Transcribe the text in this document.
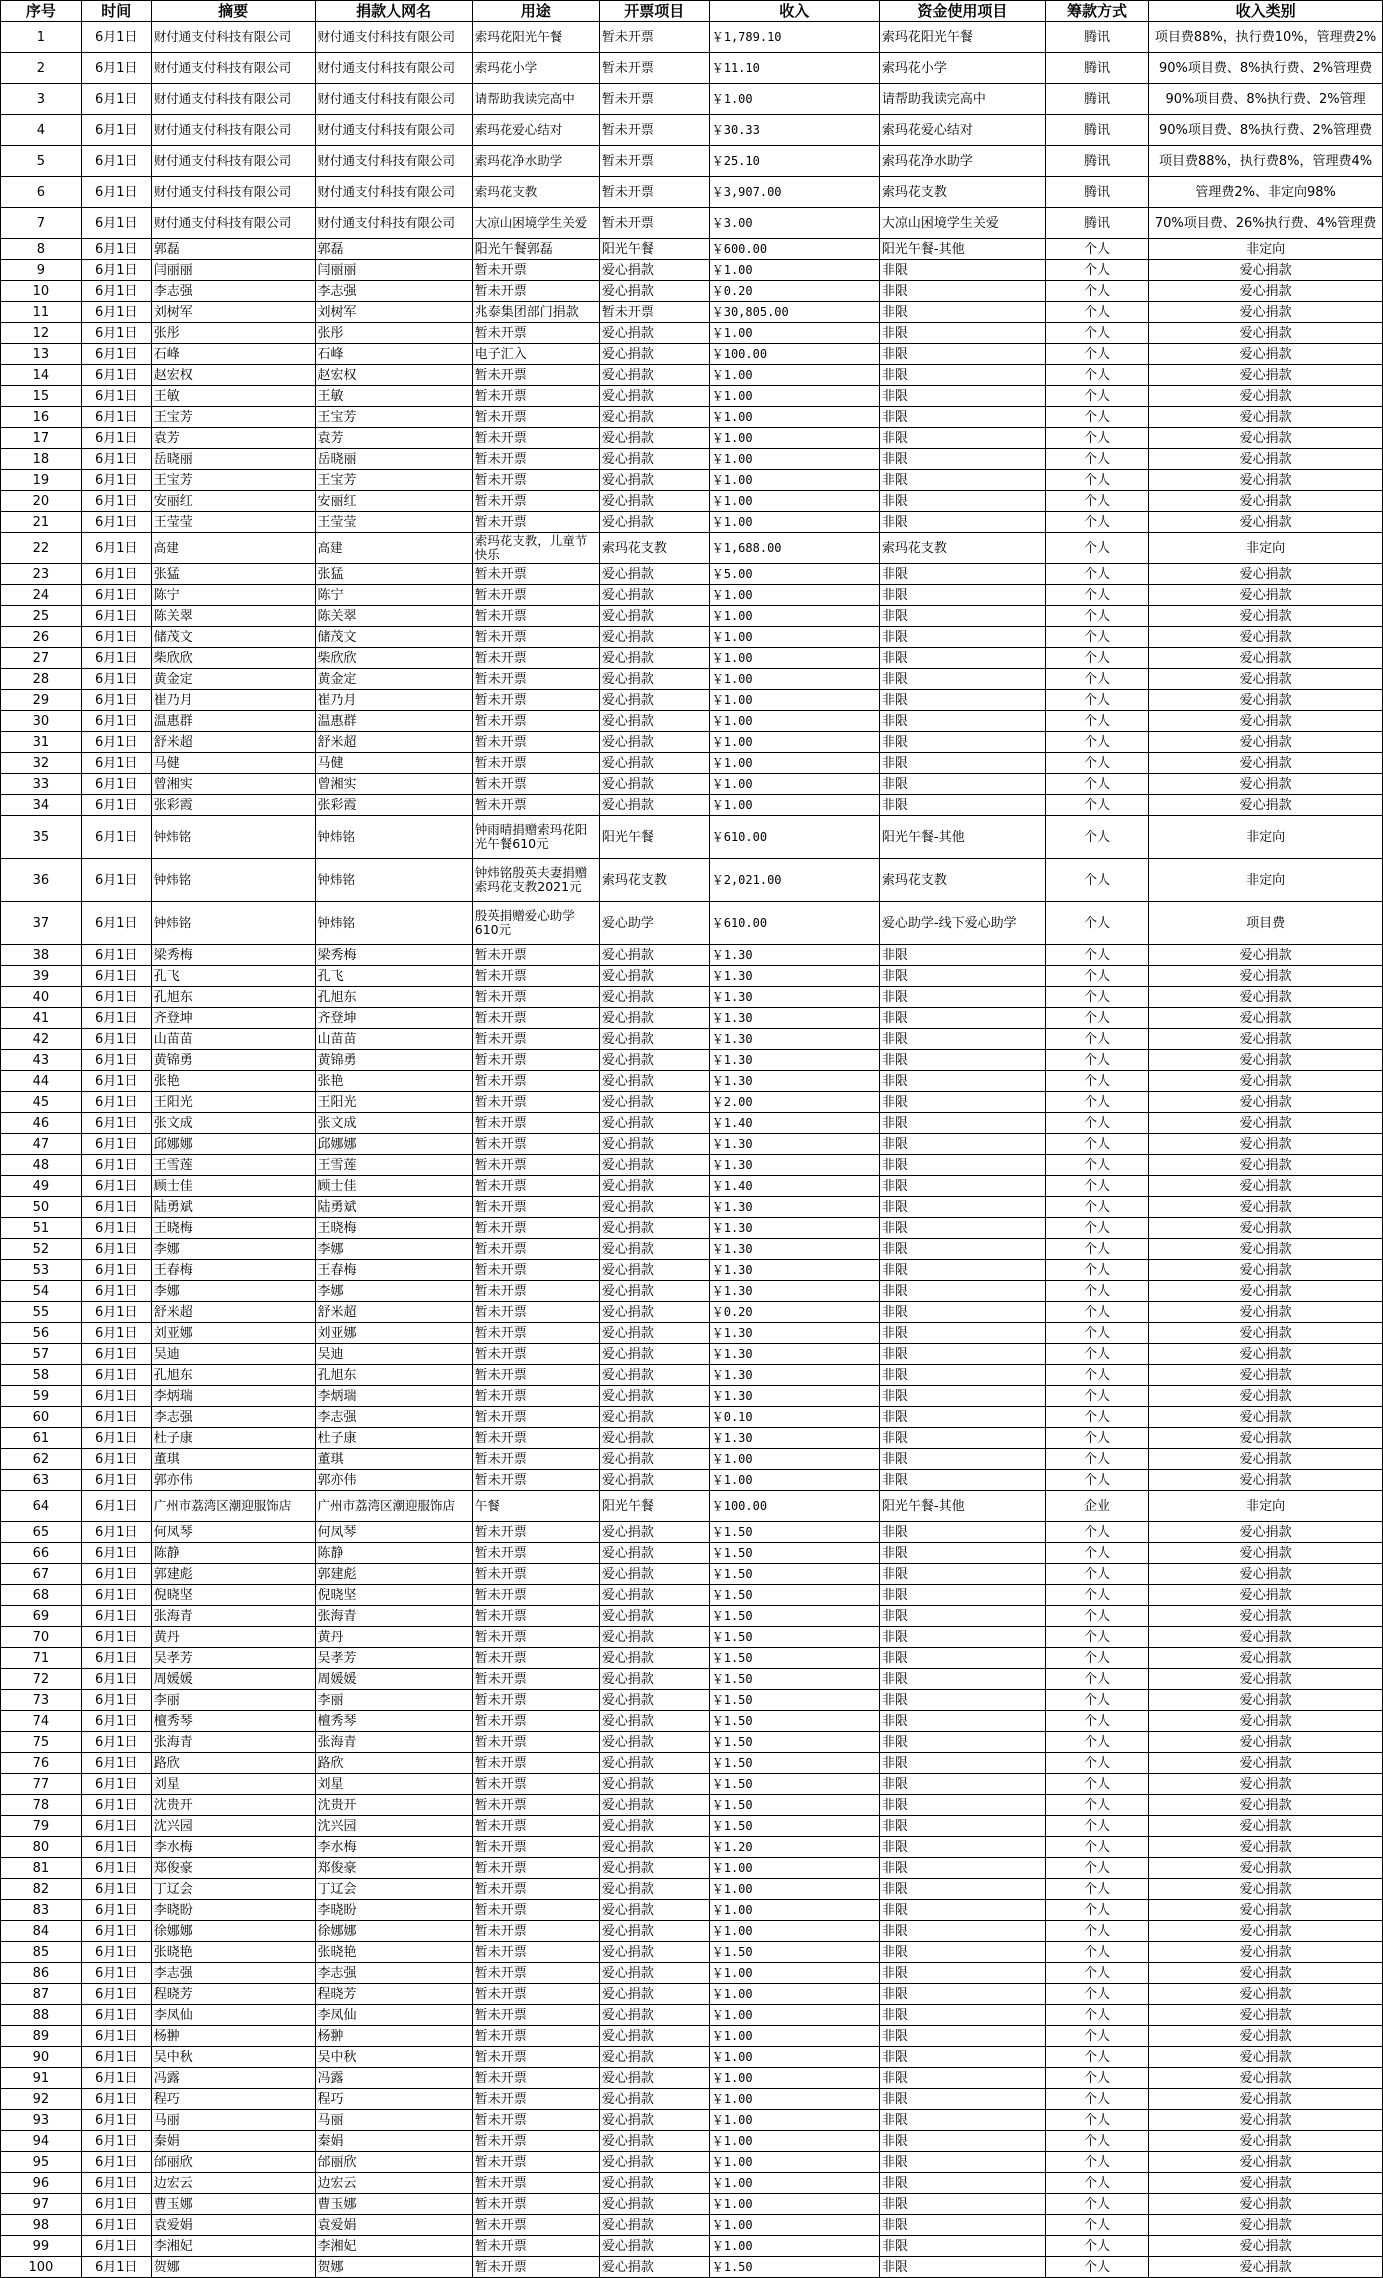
序号	时间	摘要	捐款人网名	用途	开票项目	收入	资金使用项目	筹款方式	收入类别
1	6月1日	财付通支付科技有限公司	财付通支付科技有限公司	索玛花阳光午餐	暂未开票	￥1,789.10	索玛花阳光午餐	腾讯	项目费88%，执行费10%，管理费2%
2	6月1日	财付通支付科技有限公司	财付通支付科技有限公司	索玛花小学	暂未开票	￥11.10	索玛花小学	腾讯	90%项目费、8%执行费、2%管理费
3	6月1日	财付通支付科技有限公司	财付通支付科技有限公司	请帮助我读完高中	暂未开票	￥1.00	请帮助我读完高中	腾讯	90%项目费、8%执行费、2%管理
4	6月1日	财付通支付科技有限公司	财付通支付科技有限公司	索玛花爱心结对	暂未开票	￥30.33	索玛花爱心结对	腾讯	90%项目费、8%执行费、2%管理费
5	6月1日	财付通支付科技有限公司	财付通支付科技有限公司	索玛花净水助学	暂未开票	￥25.10	索玛花净水助学	腾讯	项目费88%，执行费8%，管理费4%
6	6月1日	财付通支付科技有限公司	财付通支付科技有限公司	索玛花支教	暂未开票	￥3,907.00	索玛花支教	腾讯	管理费2%、非定向98%
7	6月1日	财付通支付科技有限公司	财付通支付科技有限公司	大凉山困境学生关爱	暂未开票	￥3.00	大凉山困境学生关爱	腾讯	70%项目费、26%执行费、4%管理费
8	6月1日	郭磊	郭磊	阳光午餐郭磊	阳光午餐	￥600.00	阳光午餐-其他	个人	非定向
9	6月1日	闫丽丽	闫丽丽	暂未开票	爱心捐款	￥1.00	非限	个人	爱心捐款
10	6月1日	李志强	李志强	暂未开票	爱心捐款	￥0.20	非限	个人	爱心捐款
11	6月1日	刘树军	刘树军	兆泰集团部门捐款	暂未开票	￥30,805.00	非限	个人	爱心捐款
12	6月1日	张彤	张彤	暂未开票	爱心捐款	￥1.00	非限	个人	爱心捐款
13	6月1日	石峰	石峰	电子汇入	爱心捐款	￥100.00	非限	个人	爱心捐款
14	6月1日	赵宏权	赵宏权	暂未开票	爱心捐款	￥1.00	非限	个人	爱心捐款
15	6月1日	王敏	王敏	暂未开票	爱心捐款	￥1.00	非限	个人	爱心捐款
16	6月1日	王宝芳	王宝芳	暂未开票	爱心捐款	￥1.00	非限	个人	爱心捐款
17	6月1日	袁芳	袁芳	暂未开票	爱心捐款	￥1.00	非限	个人	爱心捐款
18	6月1日	岳晓丽	岳晓丽	暂未开票	爱心捐款	￥1.00	非限	个人	爱心捐款
19	6月1日	王宝芳	王宝芳	暂未开票	爱心捐款	￥1.00	非限	个人	爱心捐款
20	6月1日	安丽红	安丽红	暂未开票	爱心捐款	￥1.00	非限	个人	爱心捐款
21	6月1日	王莹莹	王莹莹	暂未开票	爱心捐款	￥1.00	非限	个人	爱心捐款
22	6月1日	高建	高建	索玛花支教，儿童节快乐	索玛花支教	￥1,688.00	索玛花支教	个人	非定向
23	6月1日	张猛	张猛	暂未开票	爱心捐款	￥5.00	非限	个人	爱心捐款
24	6月1日	陈宁	陈宁	暂未开票	爱心捐款	￥1.00	非限	个人	爱心捐款
25	6月1日	陈关翠	陈关翠	暂未开票	爱心捐款	￥1.00	非限	个人	爱心捐款
26	6月1日	储茂文	储茂文	暂未开票	爱心捐款	￥1.00	非限	个人	爱心捐款
27	6月1日	柴欣欣	柴欣欣	暂未开票	爱心捐款	￥1.00	非限	个人	爱心捐款
28	6月1日	黄金定	黄金定	暂未开票	爱心捐款	￥1.00	非限	个人	爱心捐款
29	6月1日	崔乃月	崔乃月	暂未开票	爱心捐款	￥1.00	非限	个人	爱心捐款
30	6月1日	温惠群	温惠群	暂未开票	爱心捐款	￥1.00	非限	个人	爱心捐款
31	6月1日	舒米超	舒米超	暂未开票	爱心捐款	￥1.00	非限	个人	爱心捐款
32	6月1日	马健	马健	暂未开票	爱心捐款	￥1.00	非限	个人	爱心捐款
33	6月1日	曾湘实	曾湘实	暂未开票	爱心捐款	￥1.00	非限	个人	爱心捐款
34	6月1日	张彩霞	张彩霞	暂未开票	爱心捐款	￥1.00	非限	个人	爱心捐款
35	6月1日	钟炜铭	钟炜铭	钟雨晴捐赠索玛花阳光午餐610元	阳光午餐	￥610.00	阳光午餐-其他	个人	非定向
36	6月1日	钟炜铭	钟炜铭	钟炜铭殷英夫妻捐赠索玛花支教2021元	索玛花支教	￥2,021.00	索玛花支教	个人	非定向
37	6月1日	钟炜铭	钟炜铭	殷英捐赠爱心助学610元	爱心助学	￥610.00	爱心助学-线下爱心助学	个人	项目费
38	6月1日	梁秀梅	梁秀梅	暂未开票	爱心捐款	￥1.30	非限	个人	爱心捐款
39	6月1日	孔飞	孔飞	暂未开票	爱心捐款	￥1.30	非限	个人	爱心捐款
40	6月1日	孔旭东	孔旭东	暂未开票	爱心捐款	￥1.30	非限	个人	爱心捐款
41	6月1日	齐登坤	齐登坤	暂未开票	爱心捐款	￥1.30	非限	个人	爱心捐款
42	6月1日	山苗苗	山苗苗	暂未开票	爱心捐款	￥1.30	非限	个人	爱心捐款
43	6月1日	黄锦勇	黄锦勇	暂未开票	爱心捐款	￥1.30	非限	个人	爱心捐款
44	6月1日	张艳	张艳	暂未开票	爱心捐款	￥1.30	非限	个人	爱心捐款
45	6月1日	王阳光	王阳光	暂未开票	爱心捐款	￥2.00	非限	个人	爱心捐款
46	6月1日	张文成	张文成	暂未开票	爱心捐款	￥1.40	非限	个人	爱心捐款
47	6月1日	邱娜娜	邱娜娜	暂未开票	爱心捐款	￥1.30	非限	个人	爱心捐款
48	6月1日	王雪莲	王雪莲	暂未开票	爱心捐款	￥1.30	非限	个人	爱心捐款
49	6月1日	顾士佳	顾士佳	暂未开票	爱心捐款	￥1.40	非限	个人	爱心捐款
50	6月1日	陆勇斌	陆勇斌	暂未开票	爱心捐款	￥1.30	非限	个人	爱心捐款
51	6月1日	王晓梅	王晓梅	暂未开票	爱心捐款	￥1.30	非限	个人	爱心捐款
52	6月1日	李娜	李娜	暂未开票	爱心捐款	￥1.30	非限	个人	爱心捐款
53	6月1日	王春梅	王春梅	暂未开票	爱心捐款	￥1.30	非限	个人	爱心捐款
54	6月1日	李娜	李娜	暂未开票	爱心捐款	￥1.30	非限	个人	爱心捐款
55	6月1日	舒米超	舒米超	暂未开票	爱心捐款	￥0.20	非限	个人	爱心捐款
56	6月1日	刘亚娜	刘亚娜	暂未开票	爱心捐款	￥1.30	非限	个人	爱心捐款
57	6月1日	吴迪	吴迪	暂未开票	爱心捐款	￥1.30	非限	个人	爱心捐款
58	6月1日	孔旭东	孔旭东	暂未开票	爱心捐款	￥1.30	非限	个人	爱心捐款
59	6月1日	李炳瑞	李炳瑞	暂未开票	爱心捐款	￥1.30	非限	个人	爱心捐款
60	6月1日	李志强	李志强	暂未开票	爱心捐款	￥0.10	非限	个人	爱心捐款
61	6月1日	杜子康	杜子康	暂未开票	爱心捐款	￥1.30	非限	个人	爱心捐款
62	6月1日	董琪	董琪	暂未开票	爱心捐款	￥1.00	非限	个人	爱心捐款
63	6月1日	郭亦伟	郭亦伟	暂未开票	爱心捐款	￥1.00	非限	个人	爱心捐款
64	6月1日	广州市荔湾区潮迎服饰店	广州市荔湾区潮迎服饰店	午餐	阳光午餐	￥100.00	阳光午餐-其他	企业	非定向
65	6月1日	何凤琴	何凤琴	暂未开票	爱心捐款	￥1.50	非限	个人	爱心捐款
66	6月1日	陈静	陈静	暂未开票	爱心捐款	￥1.50	非限	个人	爱心捐款
67	6月1日	郭建彪	郭建彪	暂未开票	爱心捐款	￥1.50	非限	个人	爱心捐款
68	6月1日	倪晓坚	倪晓坚	暂未开票	爱心捐款	￥1.50	非限	个人	爱心捐款
69	6月1日	张海青	张海青	暂未开票	爱心捐款	￥1.50	非限	个人	爱心捐款
70	6月1日	黄丹	黄丹	暂未开票	爱心捐款	￥1.50	非限	个人	爱心捐款
71	6月1日	吴孝芳	吴孝芳	暂未开票	爱心捐款	￥1.50	非限	个人	爱心捐款
72	6月1日	周媛媛	周媛媛	暂未开票	爱心捐款	￥1.50	非限	个人	爱心捐款
73	6月1日	李丽	李丽	暂未开票	爱心捐款	￥1.50	非限	个人	爱心捐款
74	6月1日	檀秀琴	檀秀琴	暂未开票	爱心捐款	￥1.50	非限	个人	爱心捐款
75	6月1日	张海青	张海青	暂未开票	爱心捐款	￥1.50	非限	个人	爱心捐款
76	6月1日	路欣	路欣	暂未开票	爱心捐款	￥1.50	非限	个人	爱心捐款
77	6月1日	刘星	刘星	暂未开票	爱心捐款	￥1.50	非限	个人	爱心捐款
78	6月1日	沈贵开	沈贵开	暂未开票	爱心捐款	￥1.50	非限	个人	爱心捐款
79	6月1日	沈兴园	沈兴园	暂未开票	爱心捐款	￥1.50	非限	个人	爱心捐款
80	6月1日	李水梅	李水梅	暂未开票	爱心捐款	￥1.20	非限	个人	爱心捐款
81	6月1日	郑俊豪	郑俊豪	暂未开票	爱心捐款	￥1.00	非限	个人	爱心捐款
82	6月1日	丁辽会	丁辽会	暂未开票	爱心捐款	￥1.00	非限	个人	爱心捐款
83	6月1日	李晓盼	李晓盼	暂未开票	爱心捐款	￥1.00	非限	个人	爱心捐款
84	6月1日	徐娜娜	徐娜娜	暂未开票	爱心捐款	￥1.00	非限	个人	爱心捐款
85	6月1日	张晓艳	张晓艳	暂未开票	爱心捐款	￥1.50	非限	个人	爱心捐款
86	6月1日	李志强	李志强	暂未开票	爱心捐款	￥1.00	非限	个人	爱心捐款
87	6月1日	程晓芳	程晓芳	暂未开票	爱心捐款	￥1.00	非限	个人	爱心捐款
88	6月1日	李凤仙	李凤仙	暂未开票	爱心捐款	￥1.00	非限	个人	爱心捐款
89	6月1日	杨翀	杨翀	暂未开票	爱心捐款	￥1.00	非限	个人	爱心捐款
90	6月1日	吴中秋	吴中秋	暂未开票	爱心捐款	￥1.00	非限	个人	爱心捐款
91	6月1日	冯露	冯露	暂未开票	爱心捐款	￥1.00	非限	个人	爱心捐款
92	6月1日	程巧	程巧	暂未开票	爱心捐款	￥1.00	非限	个人	爱心捐款
93	6月1日	马丽	马丽	暂未开票	爱心捐款	￥1.00	非限	个人	爱心捐款
94	6月1日	秦娟	秦娟	暂未开票	爱心捐款	￥1.00	非限	个人	爱心捐款
95	6月1日	邰丽欣	邰丽欣	暂未开票	爱心捐款	￥1.00	非限	个人	爱心捐款
96	6月1日	边宏云	边宏云	暂未开票	爱心捐款	￥1.00	非限	个人	爱心捐款
97	6月1日	曹玉娜	曹玉娜	暂未开票	爱心捐款	￥1.00	非限	个人	爱心捐款
98	6月1日	袁爱娟	袁爱娟	暂未开票	爱心捐款	￥1.00	非限	个人	爱心捐款
99	6月1日	李湘妃	李湘妃	暂未开票	爱心捐款	￥1.00	非限	个人	爱心捐款
100	6月1日	贺娜	贺娜	暂未开票	爱心捐款	￥1.50	非限	个人	爱心捐款
